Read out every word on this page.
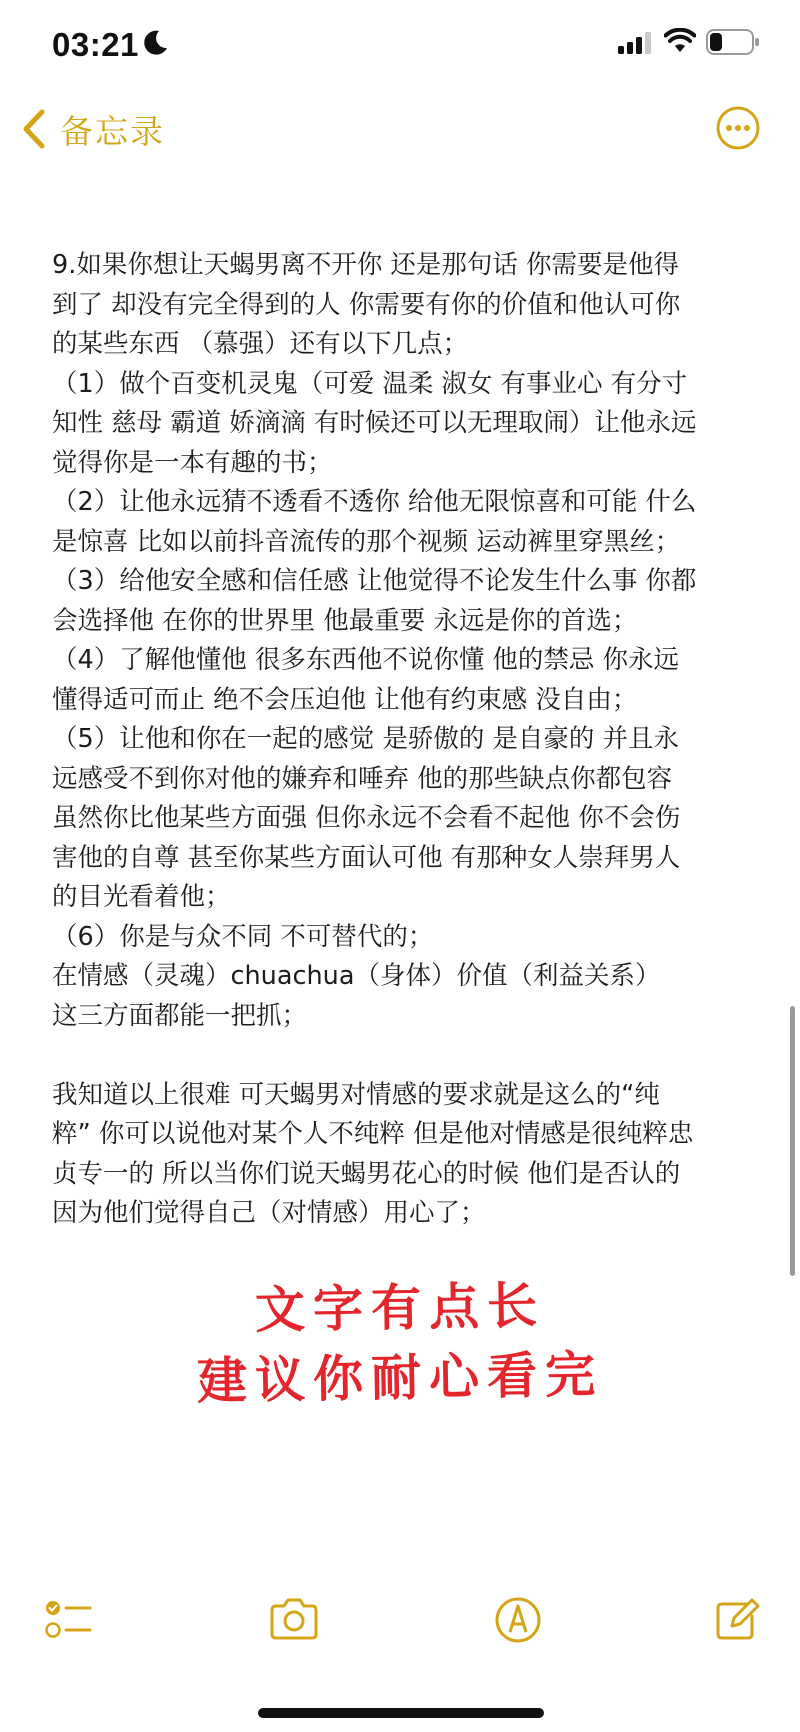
03:21
备忘录
9.如果你想让天蝎男离不开你 还是那句话 你需要是他得
到了 却没有完全得到的人 你需要有你的价值和他认可你
的某些东西 （慕强）还有以下几点；
（1）做个百变机灵鬼（可爱 温柔 淑女 有事业心 有分寸
知性 慈母 霸道 娇滴滴 有时候还可以无理取闹）让他永远
觉得你是一本有趣的书；
（2）让他永远猜不透看不透你 给他无限惊喜和可能 什么
是惊喜 比如以前抖音流传的那个视频 运动裤里穿黑丝；
（3）给他安全感和信任感 让他觉得不论发生什么事 你都
会选择他 在你的世界里 他最重要 永远是你的首选；
（4）了解他懂他 很多东西他不说你懂 他的禁忌 你永远
懂得适可而止 绝不会压迫他 让他有约束感 没自由；
（5）让他和你在一起的感觉 是骄傲的 是自豪的 并且永
远感受不到你对他的嫌弃和唾弃 他的那些缺点你都包容
虽然你比他某些方面强 但你永远不会看不起他 你不会伤
害他的自尊 甚至你某些方面认可他 有那种女人崇拜男人
的目光看着他；
（6）你是与众不同 不可替代的；
在情感（灵魂）chuachua（身体）价值（利益关系）
这三方面都能一把抓；
我知道以上很难 可天蝎男对情感的要求就是这么的“纯
粹” 你可以说他对某个人不纯粹 但是他对情感是很纯粹忠
贞专一的 所以当你们说天蝎男花心的时候 他们是否认的
因为他们觉得自己（对情感）用心了；
文字有点长
建议你耐心看完
